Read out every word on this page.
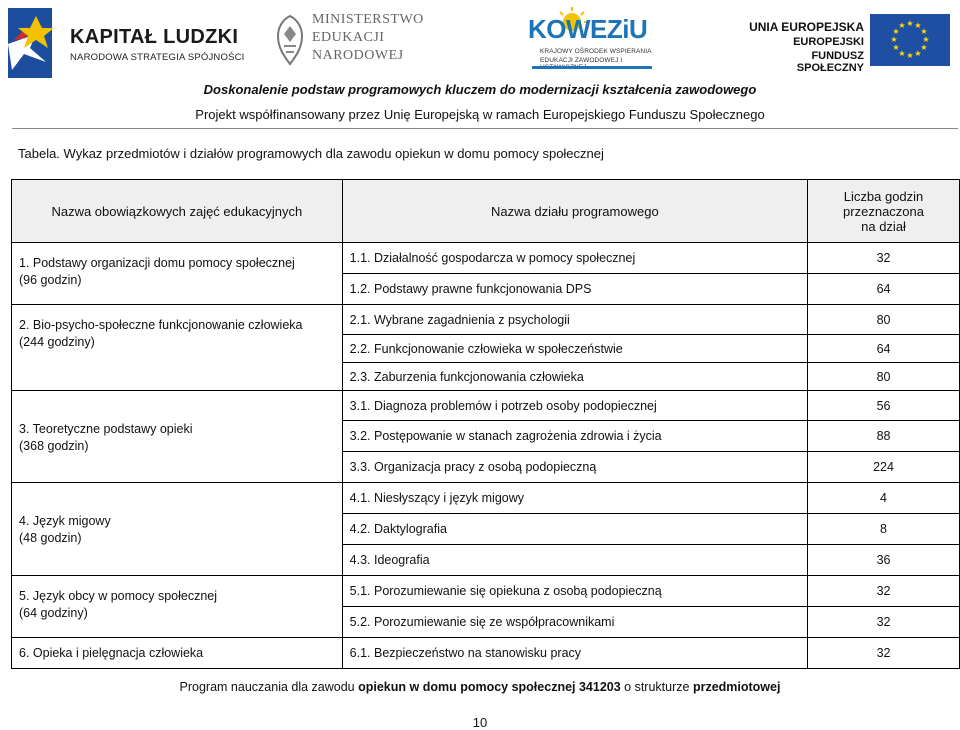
KAPITAŁ LUDZKI
NARODOWA STRATEGIA SPÓJNOŚCI
MINISTERSTWO
EDUKACJI
NARODOWEJ
KOWEZiU
KRAJOWY OŚRODEK WSPIERANIA
EDUKACJI ZAWODOWEJ I
UNIA EUROPEJSKA
EUROPEJSKI
FUNDUSZ SPOŁECZNY
★ ★
★
★
★
★
★
★
★
★
★
★
Doskonalenie podstaw programowych kluczem do modernizacji kształcenia zawodowego
Projekt współfinansowany przez Unię Europejską w ramach Europejskiego Funduszu Społecznego
Tabela. Wykaz przedmiotów i działów programowych dla zawodu opiekun w domu pomocy społecznej
Nazwa obowiązkowych zajęć edukacyjnych	Nazwa działu programowego	Liczba godzin
przeznaczona
na dział

1. Podstawy organizacji domu pomocy społecznej
(96 godzin)	1.1. Działalność gospodarcza w pomocy społecznej	32
	1.2. Podstawy prawne funkcjonowania DPS	64

2. Bio-psycho-społeczne funkcjonowanie człowieka
(244 godziny)	2.1. Wybrane zagadnienia z psychologii	80
	2.2. Funkcjonowanie człowieka w społeczeństwie	64
	2.3. Zaburzenia funkcjonowania człowieka	80

3. Teoretyczne podstawy opieki
(368 godzin)	3.1. Diagnoza problemów i potrzeb osoby podopiecznej	56
	3.2. Postępowanie w stanach zagrożenia zdrowia i życia	88
	3.3. Organizacja pracy z osobą podopieczną	224

4. Język migowy
(48 godzin)	4.1. Niesłyszący i język migowy	4
	4.2. Daktylografia	8
	4.3. Ideografia	36

5. Język obcy w pomocy społecznej
(64 godziny)	5.1. Porozumiewanie się opiekuna z osobą podopieczną	32
	5.2. Porozumiewanie się ze współpracownikami	32

6. Opieka i pielęgnacja człowieka	6.1. Bezpieczeństwo na stanowisku pracy	32
Program nauczania dla zawodu opiekun w domu pomocy społecznej 341203 o strukturze przedmiotowej
10
